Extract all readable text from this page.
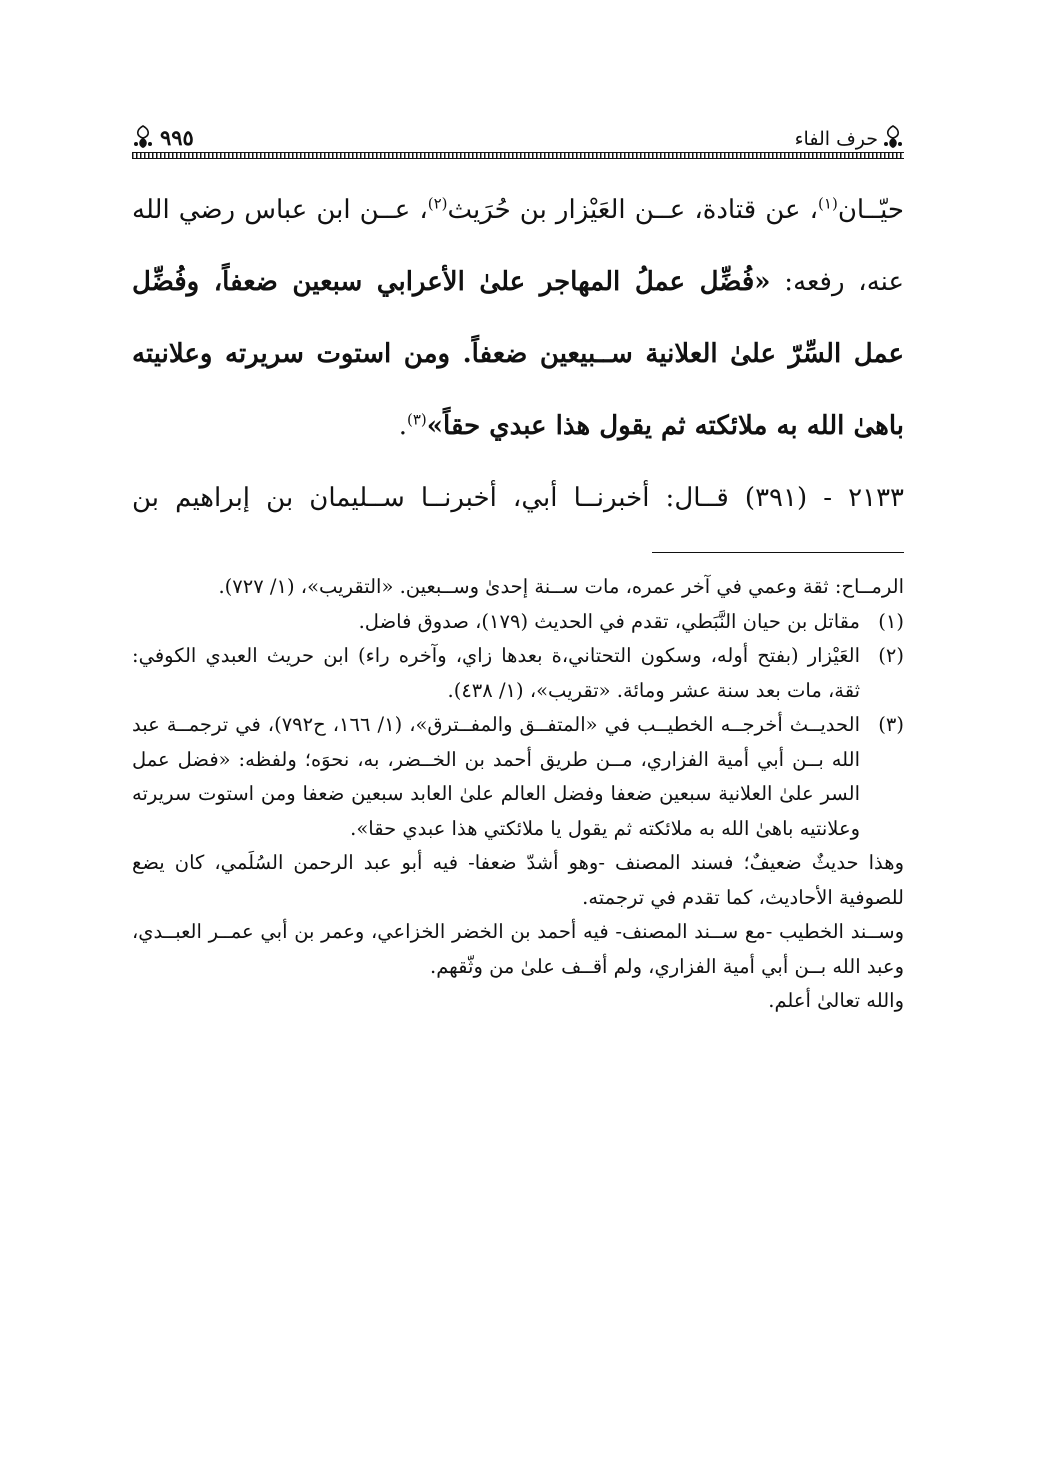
حرف الفاء
٩٩٥

حيّــان$^{(١)}$، عن قتادة، عــن العَيْزار بن حُرَيث$^{(٢)}$، عــن ابن عباس رضي الله عنه، رفعه: «فُضِّل عملُ المهاجر علىٰ الأعرابي سبعين ضعفاً، وفُضِّل عمل السِّرّ علىٰ العلانية ســبيعين ضعفاً. ومن استوت سريرته وعلانيته باهىٰ الله به ملائكته ثم يقول هذا عبدي حقاً»$^{(٣)}$.

٢١٣٣ - (٣٩١) قــال: أخبرنــا أبي، أخبرنــا ســليمان بن إبراهيم بن
الرمــاح: ثقة وعمي في آخر عمره، مات ســنة إحدىٰ وســبعين. «التقريب»، (١/ ٧٢٧).
(١)
مقاتل بن حيان النَّبَطي، تقدم في الحديث (١٧٩)، صدوق فاضل.
(٢)
العَيْزار (بفتح أوله، وسكون التحتاني،ة بعدها زاي، وآخره راء) ابن حريث العبدي الكوفي: ثقة، مات بعد سنة عشر ومائة. «تقريب»، (١/ ٤٣٨).
(٣)
الحديــث أخرجــه الخطيــب في «المتفــق والمفــترق»، (١/ ١٦٦، ح٧٩٢)، في ترجمــة عبد الله بــن أبي أمية الفزاري، مــن طريق أحمد بن الخــضر، به، نحوَه؛ ولفظه: «فضل عمل السر علىٰ العلانية سبعين ضعفا وفضل العالم علىٰ العابد سبعين ضعفا ومن استوت سريرته وعلانتيه باهىٰ الله به ملائكته ثم يقول يا ملائكتي هذا عبدي حقا».
وهذا حديثٌ ضعيفٌ؛ فسند المصنف -وهو أشدّ ضعفا- فيه أبو عبد الرحمن السُلَمي، كان يضع للصوفية الأحاديث، كما تقدم في ترجمته.
وســند الخطيب -مع ســند المصنف- فيه أحمد بن الخضر الخزاعي، وعمر بن أبي عمــر العبــدي، وعبد الله بــن أبي أمية الفزاري، ولم أقــف علىٰ من وثّقهم.
والله تعالىٰ أعلم.
